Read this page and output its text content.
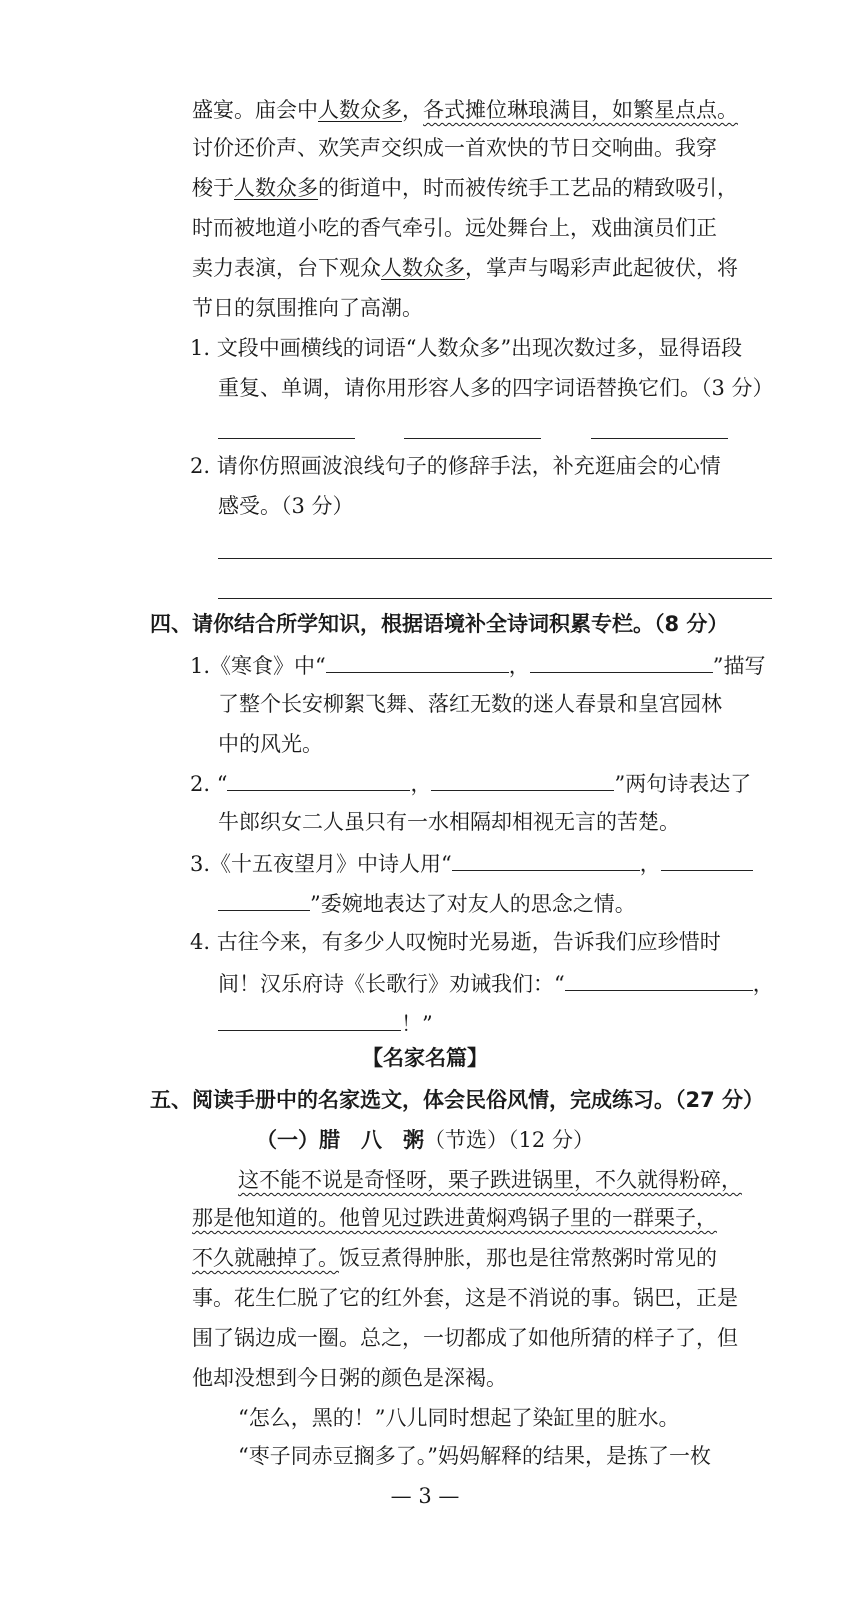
盛宴。庙会中人数众多，各式摊位琳琅满目，如繁星点点。
讨价还价声、欢笑声交织成一首欢快的节日交响曲。我穿
梭于人数众多的街道中，时而被传统手工艺品的精致吸引，
时而被地道小吃的香气牵引。远处舞台上，戏曲演员们正
卖力表演，台下观众人数众多，掌声与喝彩声此起彼伏，将
节日的氛围推向了高潮。
1. 文段中画横线的词语“人数众多”出现次数过多，显得语段
重复、单调，请你用形容人多的四字词语替换它们。（3 分）
2. 请你仿照画波浪线句子的修辞手法，补充逛庙会的心情
感受。（3 分）
四、请你结合所学知识，根据语境补全诗词积累专栏。（8 分）
1.《寒食》中“	，	”描写
了整个长安柳絮飞舞、落红无数的迷人春景和皇宫园林
中的风光。
2. “	，	”两句诗表达了
牛郎织女二人虽只有一水相隔却相视无言的苦楚。
3.《十五夜望月》中诗人用“	，
”委婉地表达了对友人的思念之情。
4. 古往今来，有多少人叹惋时光易逝，告诉我们应珍惜时
间！汉乐府诗《长歌行》劝诫我们：“	，
！”
【名家名篇】
五、阅读手册中的名家选文，体会民俗风情，完成练习。（27 分）
（一）腊　八　粥（节选）（12 分）
这不能不说是奇怪呀，栗子跌进锅里，不久就得粉碎，
那是他知道的。他曾见过跌进黄焖鸡锅子里的一群栗子，
不久就融掉了。饭豆煮得肿胀，那也是往常熬粥时常见的
事。花生仁脱了它的红外套，这是不消说的事。锅巴，正是
围了锅边成一圈。总之，一切都成了如他所猜的样子了，但
他却没想到今日粥的颜色是深褐。
“怎么，黑的！”八儿同时想起了染缸里的脏水。
“枣子同赤豆搁多了。”妈妈解释的结果，是拣了一枚
— 3 —
